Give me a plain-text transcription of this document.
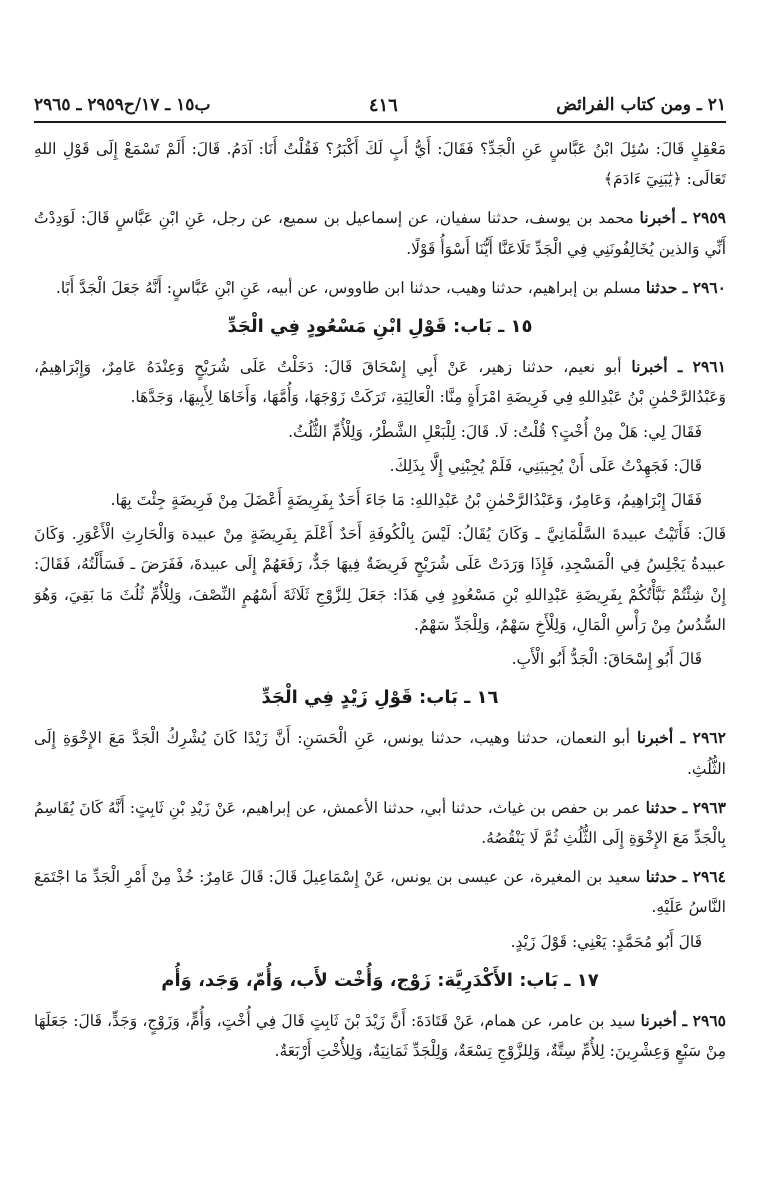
ب١٥ ـ ١٧/ح٢٩٥٩ ـ ٢٩٦٥	٤١٦	٢١ ـ ومن كتاب الفرائض

مَعْقِلٍ قَالَ: سُئِلَ ابْنُ عَبَّاسٍ عَنِ الْجَدِّ؟ فَقَالَ: أَيُّ أَبٍ لَكَ أَكْبَرُ؟ فَقُلْتُ أَنَا: آدَمُ. قَالَ: أَلَمْ تَسْمَعْ إِلَى قَوْلِ اللهِ تَعَالَى: ﴿يَٰبَنِيٓ ءَادَمَ﴾

٢٩٥٩ ـ أخبرنا محمد بن يوسف، حدثنا سفيان، عن إسماعيل بن سميع، عن رجل، عَنِ ابْنِ عَبَّاسٍ قَالَ: لَوَدِدْتُ أَنِّي وَالذين يُخَالِفُونَنِي فِي الْجَدِّ تَلَاعَنَّا أَيُّنَا أَسْوَأُ قَوْلًا.

٢٩٦٠ ـ حدثنا مسلم بن إبراهيم، حدثنا وهيب، حدثنا ابن طاووس، عن أبيه، عَنِ ابْنِ عَبَّاسٍ: أَنَّهُ جَعَلَ الْجَدَّ أَبًا.

١٥ ـ بَاب: قَوْلِ ابْنِ مَسْعُودٍ فِي الْجَدِّ

٢٩٦١ ـ أخبرنا أبو نعيم، حدثنا زهير، عَنْ أَبِي إِسْحَاقَ قَالَ: دَخَلْتُ عَلَى شُرَيْحٍ وَعِنْدَهُ عَامِرٌ، وَإِبْرَاهِيمُ، وَعَبْدُالرَّحْمٰنِ بْنُ عَبْدِاللهِ فِي فَرِيضَةِ امْرَأَةٍ مِنَّا: الْعَالِيَةِ، تَرَكَتْ زَوْجَهَا، وَأُمَّهَا، وَأَخَاهَا لِأَبِيهَا، وَجَدَّهَا.

فَقَالَ لِي: هَلْ مِنْ أُخْتٍ؟ قُلْتُ: لَا. قَالَ: لِلْبَعْلِ الشَّطْرُ، وَلِلْأُمِّ الثُّلُثُ.

قَالَ: فَجَهِدْتُ عَلَى أَنْ يُجِيبَنِي، فَلَمْ يُجِبْنِي إِلَّا بِذَلِكَ.

فَقَالَ إِبْرَاهِيمُ، وَعَامِرٌ، وَعَبْدُالرَّحْمٰنِ بْنُ عَبْدِاللهِ: مَا جَاءَ أَحَدٌ بِفَرِيضَةٍ أَعْضَلَ مِنْ فَرِيضَةٍ جِئْتَ بِهَا.

قَالَ: فَأَتَيْتُ عبيدةَ السَّلْمَانِيَّ ـ وَكَانَ يُقَالُ: لَيْسَ بِالْكُوفَةِ أَحَدٌ أَعْلَمَ بِفَرِيضَةٍ مِنْ عبيدة وَالْحَارِثِ الْأَعْوَرِ. وَكَانَ عبيدةُ يَجْلِسُ فِي الْمَسْجِدِ، فَإِذَا وَرَدَتْ عَلَى شُرَيْحٍ فَرِيضَةٌ فِيهَا جَدٌّ، رَفَعَهُمْ إِلَى عبيدةَ، فَفَرَضَ ـ فَسَأَلْتُهُ، فَقَالَ: إِنْ شِئْتُمْ نَبَّأْتُكُمْ بِفَرِيضَةِ عَبْدِاللهِ بْنِ مَسْعُودٍ فِي هَذَا: جَعَلَ لِلزَّوْجِ ثَلَاثَةَ أَسْهُمٍ النِّصْفَ، وَلِلْأُمِّ ثُلُثَ مَا بَقِيَ، وَهُوَ السُّدُسُ مِنْ رَأْسِ الْمَالِ، وَلِلْأَخِ سَهْمٌ، وَلِلْجَدِّ سَهْمٌ.

قَالَ أَبُو إِسْحَاقَ: الْجَدُّ أَبُو الْأَبِ.

١٦ ـ بَاب: قَوْلِ زَيْدٍ فِي الْجَدِّ

٢٩٦٢ ـ أخبرنا أبو النعمان، حدثنا وهيب، حدثنا يونس، عَنِ الْحَسَنِ: أَنَّ زَيْدًا كَانَ يُشْرِكُ الْجَدَّ مَعَ الإِخْوَةِ إِلَى الثُّلُثِ.

٢٩٦٣ ـ حدثنا عمر بن حفص بن غياث، حدثنا أبي، حدثنا الأعمش، عن إبراهيم، عَنْ زَيْدِ بْنِ ثَابِتٍ: أَنَّهُ كَانَ يُقَاسِمُ بِالْجَدِّ مَعَ الإِخْوَةِ إِلَى الثُّلُثِ ثُمَّ لَا يَنْقُصُهُ.

٢٩٦٤ ـ حدثنا سعيد بن المغيرة، عن عيسى بن يونس، عَنْ إِسْمَاعِيلَ قَالَ: قَالَ عَامِرٌ: خُذْ مِنْ أَمْرِ الْجَدِّ مَا اجْتَمَعَ النَّاسُ عَلَيْهِ.

قَالَ أَبُو مُحَمَّدٍ: يَعْنِي: قَوْلَ زَيْدٍ.

١٧ ـ بَاب: الأَكْدَرِيَّة: زَوْج، وَأُخْت لأَب، وَأُمّ، وَجَد، وَأُم

٢٩٦٥ ـ أخبرنا سيد بن عامر، عن همام، عَنْ قَتَادَةَ: أَنَّ زَيْدَ بْنَ ثَابِتٍ قَالَ فِي أُخْتٍ، وَأُمٍّ، وَزَوْجٍ، وَجَدٍّ، قَالَ: جَعَلَهَا مِنْ سَبْعٍ وَعِشْرِينَ: لِلأُمِّ سِتَّةٌ، وَلِلزَّوْجِ تِسْعَةٌ، وَلِلْجَدِّ ثَمَانِيَةٌ، وَلِلأُخْتِ أَرْبَعَةٌ.
